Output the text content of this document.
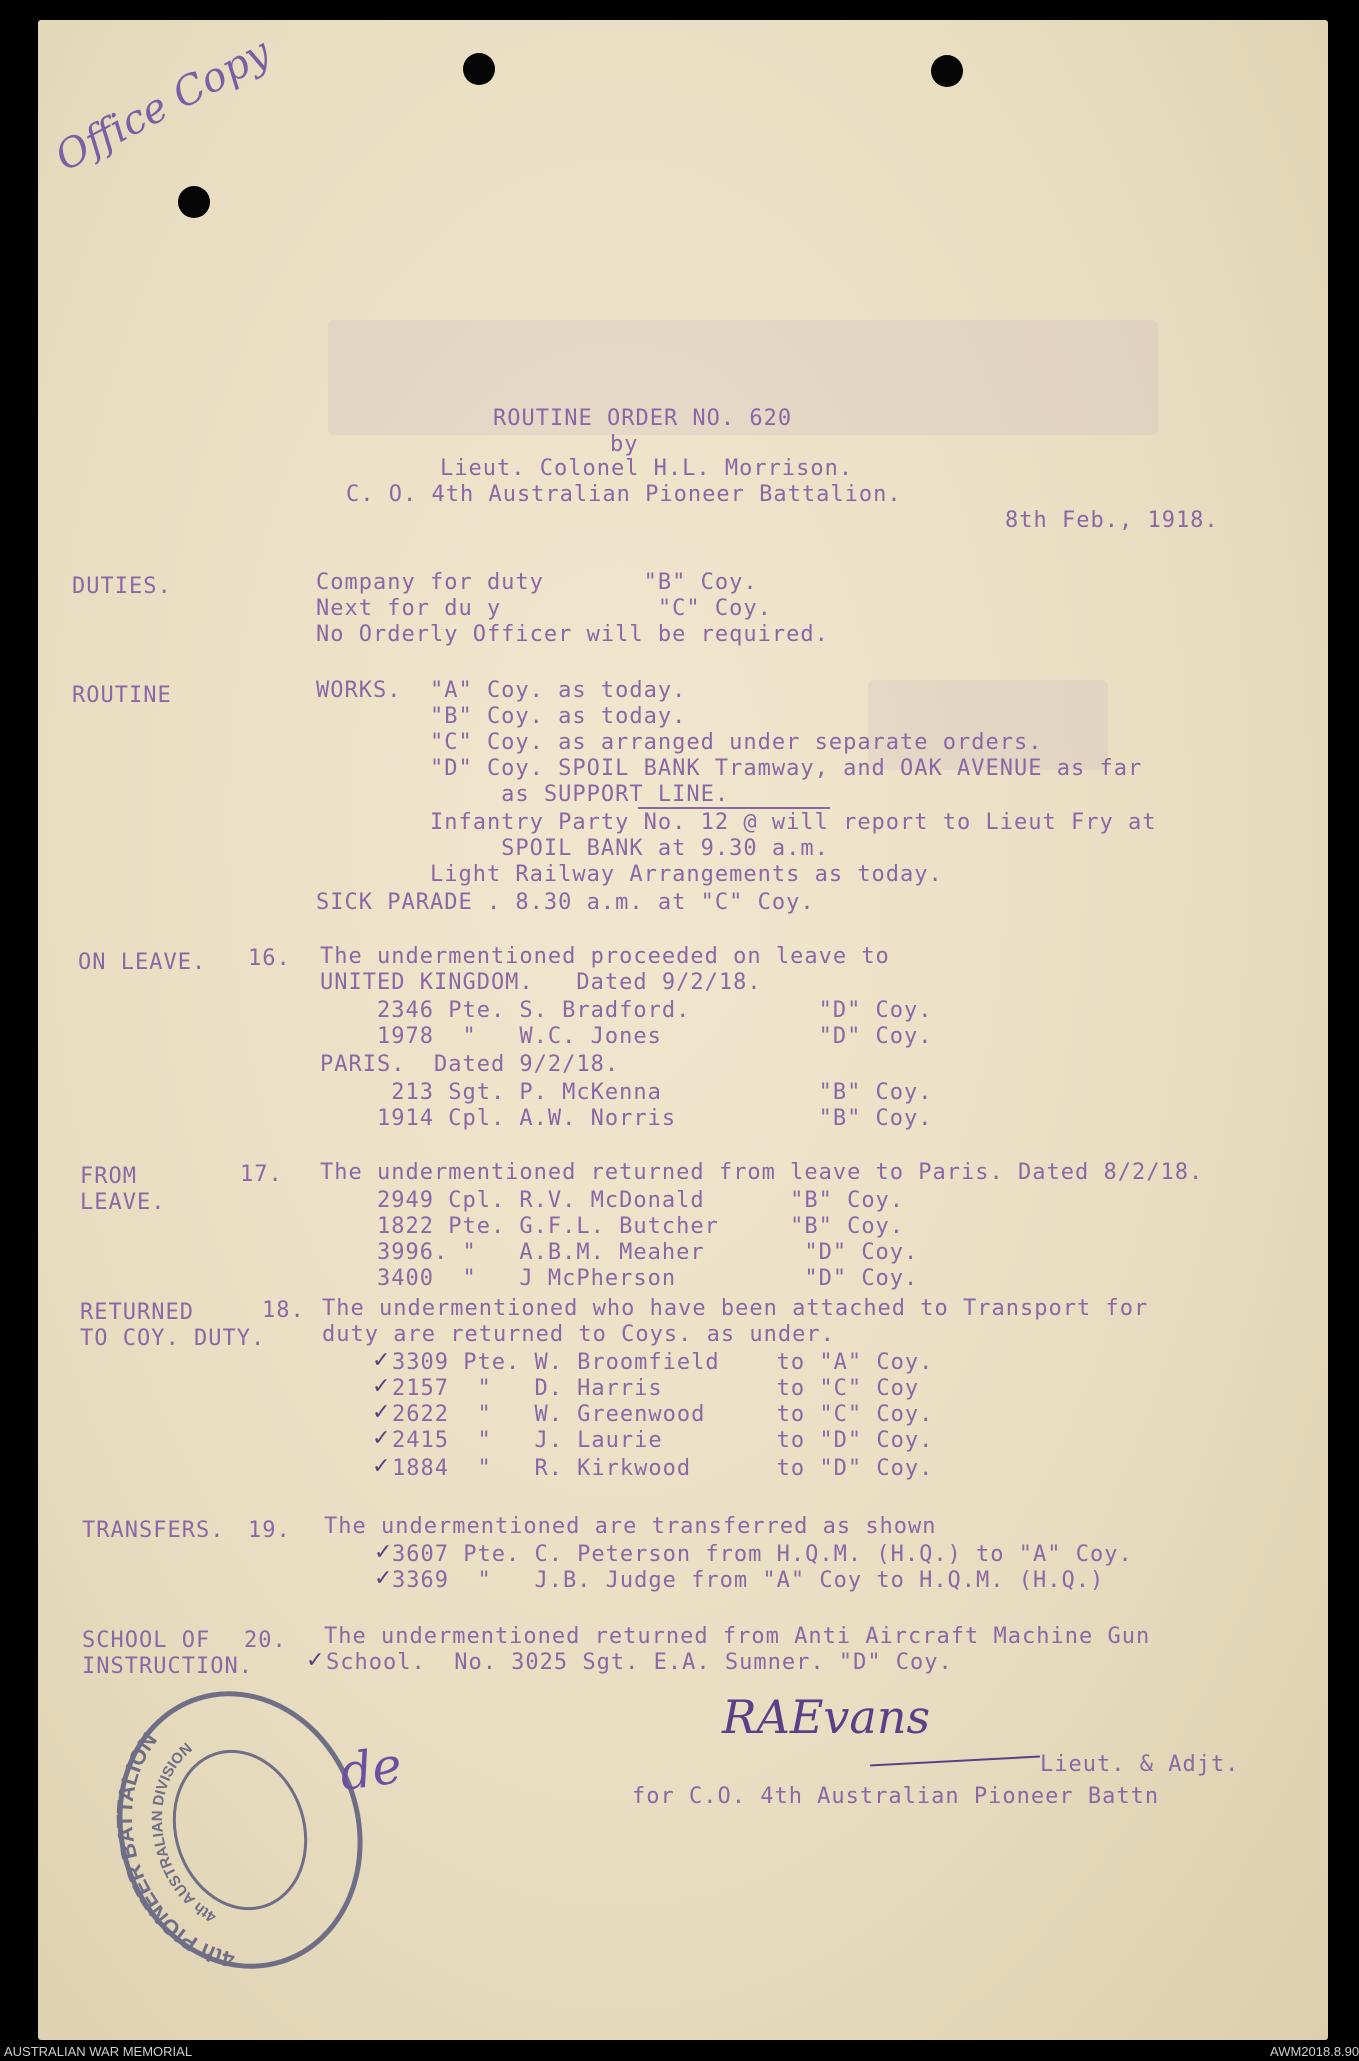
Office Copy
ROUTINE ORDER NO. 620
by
Lieut. Colonel H.L. Morrison.
C. O. 4th Australian Pioneer Battalion.
8th Feb., 1918.
DUTIES.	Company for duty       "B" Coy.
Next for du y           "C" Coy.
No Orderly Officer will be required.
ROUTINE	WORKS.  "A" Coy. as today.
"B" Coy. as today.
"C" Coy. as arranged under separate orders.
"D" Coy. SPOIL BANK Tramway, and OAK AVENUE as far
as SUPPORT LINE.
Infantry Party No. 12 @ will report to Lieut Fry at
SPOIL BANK at 9.30 a.m.
Light Railway Arrangements as today.
SICK PARADE . 8.30 a.m. at "C" Coy.
ON LEAVE. 16. The undermentioned proceeded on leave to
UNITED KINGDOM.   Dated 9/2/18.
2346 Pte. S. Bradford.         "D" Coy.
1978  "   W.C. Jones           "D" Coy.
PARIS.  Dated 9/2/18.
213 Sgt. P. McKenna           "B" Coy.
1914 Cpl. A.W. Norris          "B" Coy.
FROM
LEAVE.
17. The undermentioned returned from leave to Paris. Dated 8/2/18.
2949 Cpl. R.V. McDonald      "B" Coy.
1822 Pte. G.F.L. Butcher     "B" Coy.
3996. "   A.B.M. Meaher       "D" Coy.
3400  "   J McPherson         "D" Coy.
RETURNED
TO COY. DUTY.
18. The undermentioned who have been attached to Transport for
duty are returned to Coys. as under.
✓ 3309 Pte. W. Broomfield    to "A" Coy.
✓ 2157  "   D. Harris        to "C" Coy
✓ 2622  "   W. Greenwood     to "C" Coy.
✓ 2415  "   J. Laurie        to "D" Coy.
✓ 1884  "   R. Kirkwood      to "D" Coy.
TRANSFERS. 19. The undermentioned are transferred as shown
✓ 3607 Pte. C. Peterson from H.Q.M. (H.Q.) to "A" Coy.
✓ 3369  "   J.B. Judge from "A" Coy to H.Q.M. (H.Q.)
SCHOOL OF
INSTRUCTION.
20. The undermentioned returned from Anti Aircraft Machine Gun
✓ School.  No. 3025 Sgt. E.A. Sumner. "D" Coy.
RAEvans
Lieut. & Adjt.
for C.O. 4th Australian Pioneer Battn
4th PIONEER BATTALION
4th AUSTRALIAN DIVISION	de
AUSTRALIAN WAR MEMORIAL	AWM2018.8.90
